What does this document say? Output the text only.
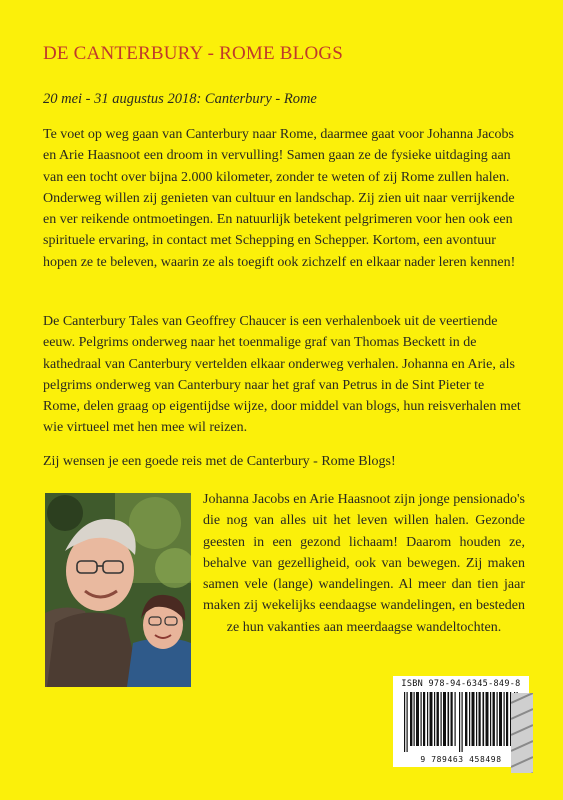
DE CANTERBURY - ROME BLOGS
20 mei - 31 augustus 2018: Canterbury - Rome

Te voet op weg gaan van Canterbury naar Rome, daarmee gaat voor Johanna Jacobs en Arie Haasnoot een droom in vervulling! Samen gaan ze de fysieke uitdaging aan van een tocht over bijna 2.000 kilometer, zonder te weten of zij Rome zullen halen. Onderweg willen zij genieten van cultuur en landschap. Zij zien uit naar verrijkende en ver reikende ontmoetingen. En natuurlijk betekent pelgrimeren voor hen ook een spirituele ervaring, in contact met Schepping en Schepper. Kortom, een avontuur hopen ze te beleven, waarin ze als toegift ook zichzelf en elkaar nader leren kennen!

De Canterbury Tales van Geoffrey Chaucer is een verhalenboek uit de veertiende eeuw. Pelgrims onderweg naar het toenmalige graf van Thomas Beckett in de kathedraal van Canterbury vertelden elkaar onderweg verhalen. Johanna en Arie, als pelgrims onderweg van Canterbury naar het graf van Petrus in de Sint Pieter te Rome, delen graag op eigentijdse wijze, door middel van blogs, hun reisverhalen met wie virtueel met hen mee wil reizen.

Zij wensen je een goede reis met de Canterbury - Rome Blogs!

Johanna Jacobs en Arie Haasnoot zijn jonge pensionado's die nog van alles uit het leven willen halen. Gezonde geesten in een gezond lichaam! Daarom houden ze, behalve van gezelligheid, ook van bewegen. Zij maken samen vele (lange) wandelingen. Al meer dan tien jaar maken zij wekelijks eendaagse wandelingen, en besteden ze hun vakanties aan meerdaagse wandeltochten.

ISBN 978-94-6345-849-8
9 789463 458498
